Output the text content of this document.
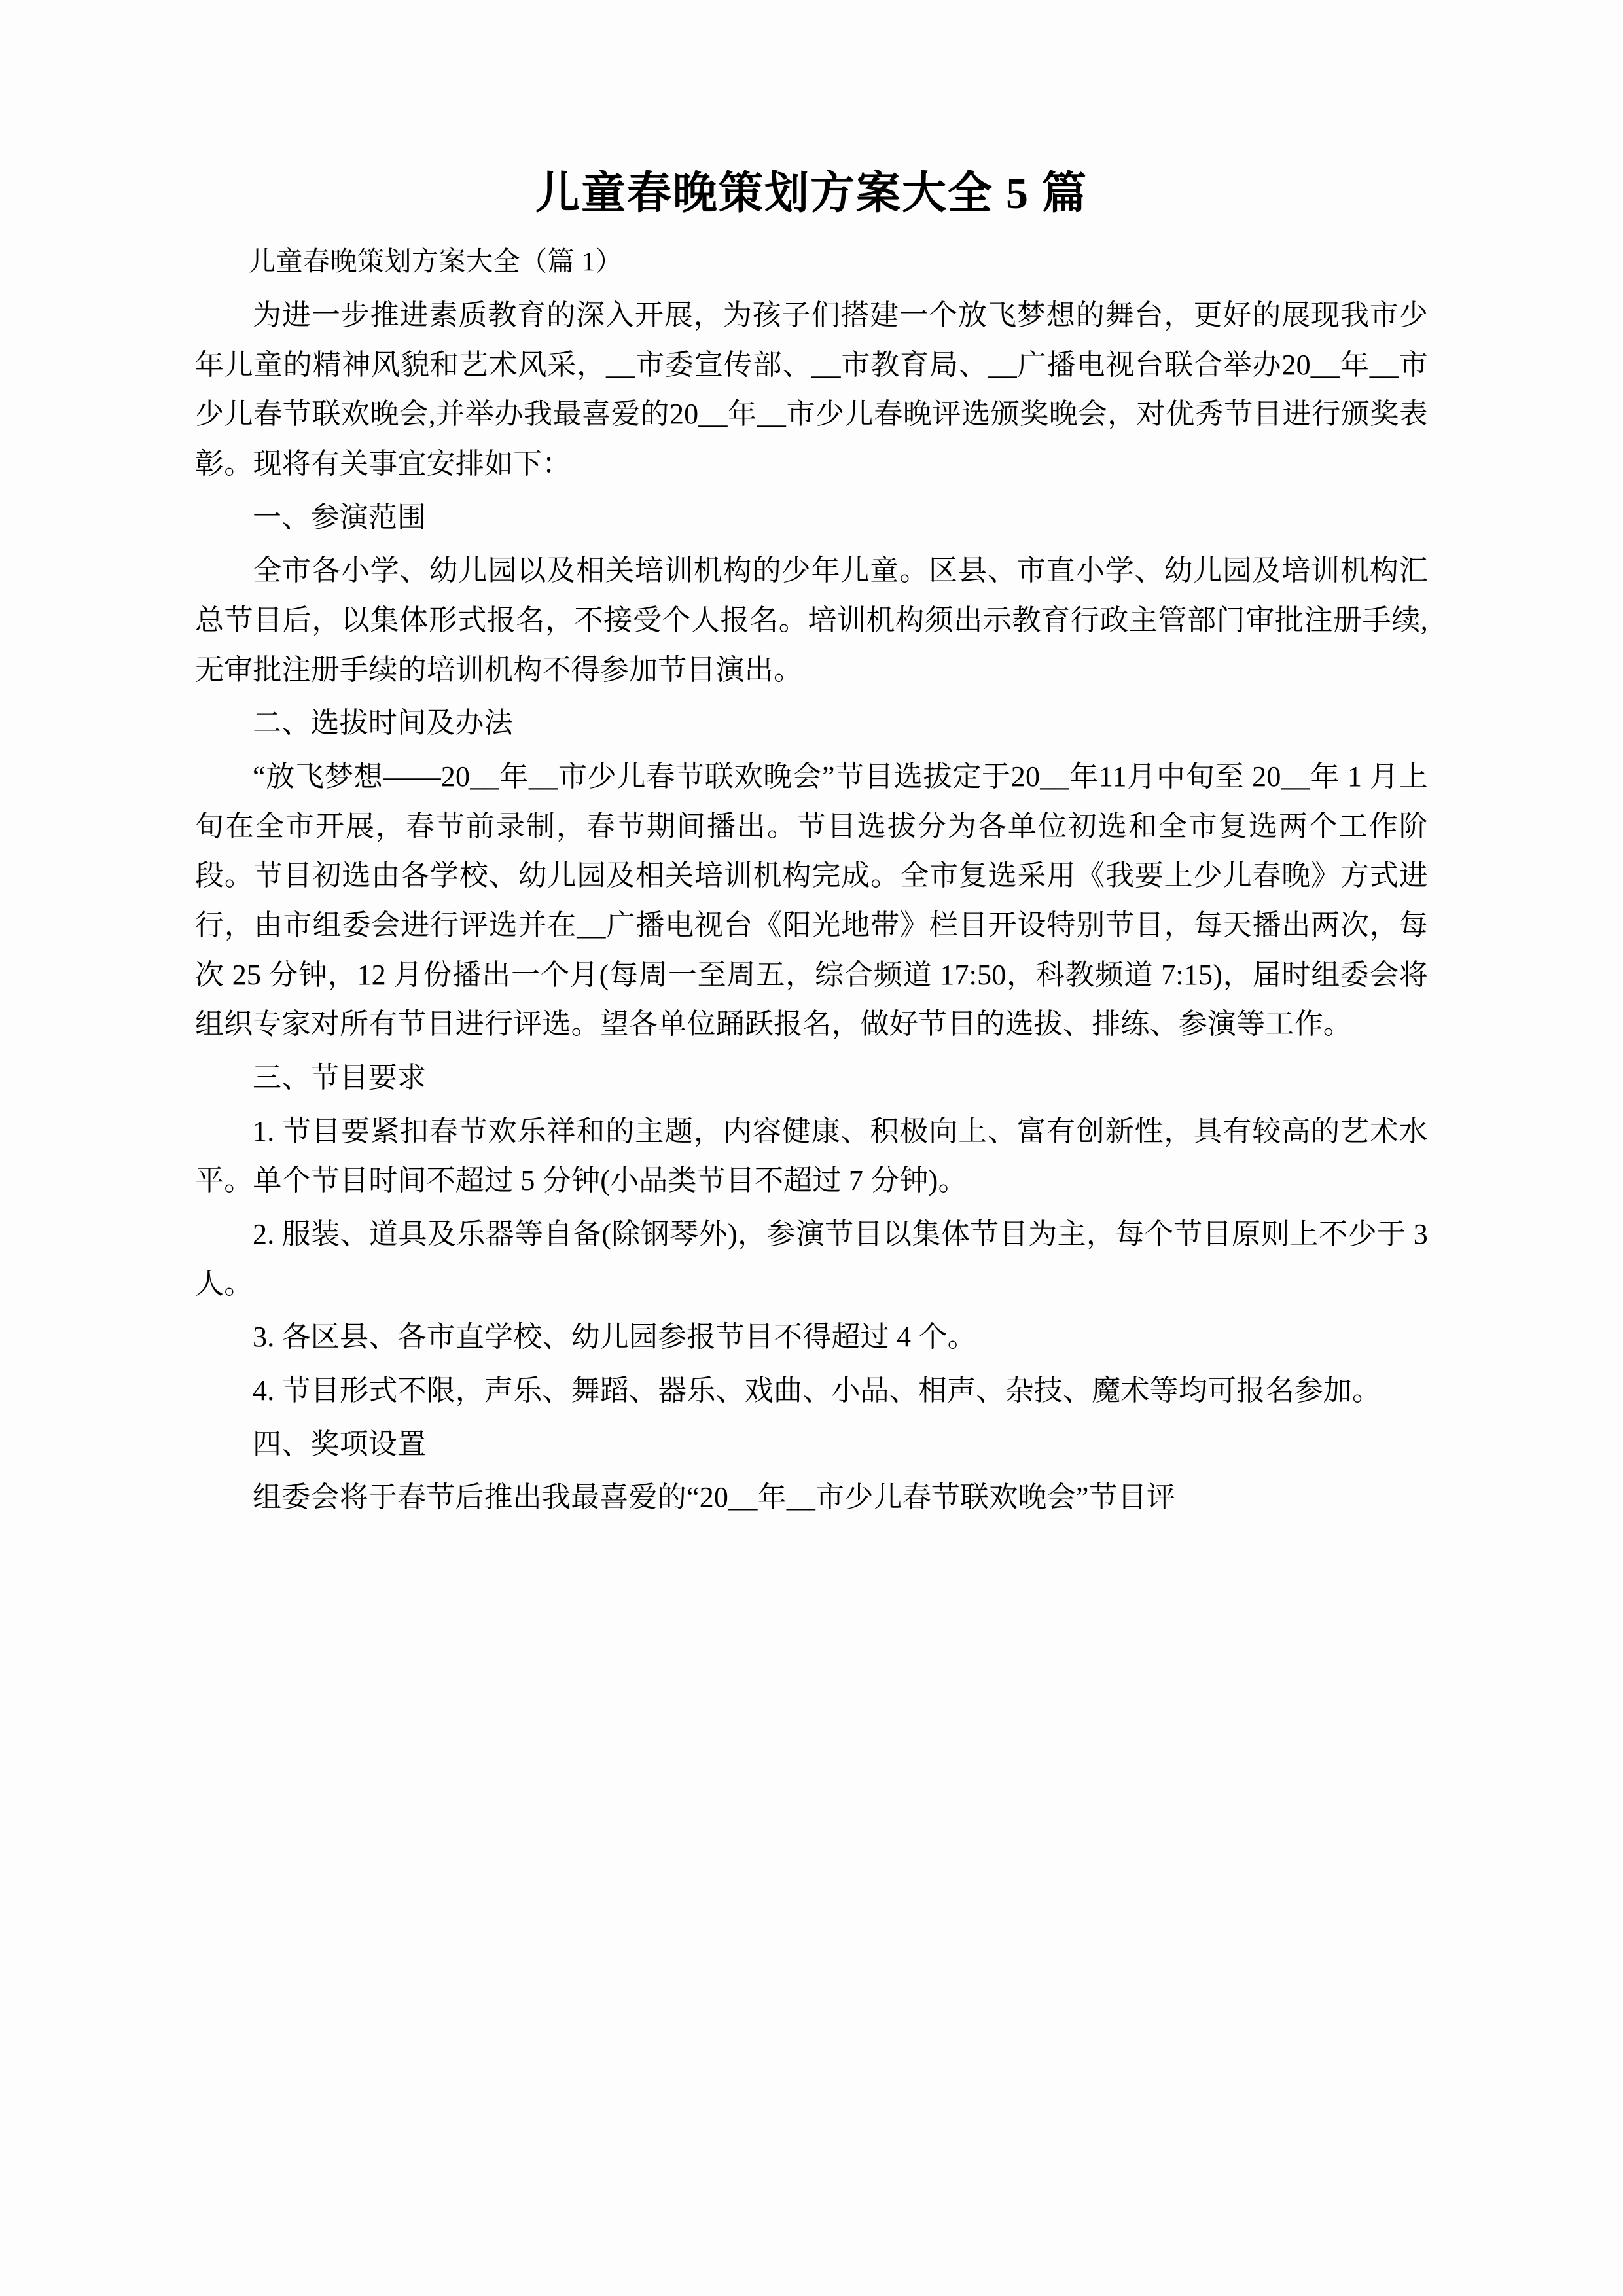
儿童春晚策划方案大全 5 篇

儿童春晚策划方案大全（篇 1）

为进一步推进素质教育的深入开展，为孩子们搭建一个放飞梦想的舞台，更好的展现我市少年儿童的精神风貌和艺术风采，__市委宣传部、__市教育局、__广播电视台联合举办20__年__市少儿春节联欢晚会,并举办我最喜爱的20__年__市少儿春晚评选颁奖晚会，对优秀节目进行颁奖表彰。现将有关事宜安排如下：

一、参演范围

全市各小学、幼儿园以及相关培训机构的少年儿童。区县、市直小学、幼儿园及培训机构汇总节目后，以集体形式报名，不接受个人报名。培训机构须出示教育行政主管部门审批注册手续,无审批注册手续的培训机构不得参加节目演出。

二、选拔时间及办法

“放飞梦想——20__年__市少儿春节联欢晚会”节目选拔定于20__年11月中旬至 20__年 1 月上旬在全市开展，春节前录制，春节期间播出。节目选拔分为各单位初选和全市复选两个工作阶段。节目初选由各学校、幼儿园及相关培训机构完成。全市复选采用《我要上少儿春晚》方式进行，由市组委会进行评选并在__广播电视台《阳光地带》栏目开设特别节目，每天播出两次，每次 25 分钟，12 月份播出一个月(每周一至周五，综合频道 17:50，科教频道 7:15)，届时组委会将组织专家对所有节目进行评选。望各单位踊跃报名，做好节目的选拔、排练、参演等工作。

三、节目要求

1. 节目要紧扣春节欢乐祥和的主题，内容健康、积极向上、富有创新性，具有较高的艺术水平。单个节目时间不超过 5 分钟(小品类节目不超过 7 分钟)。

2. 服装、道具及乐器等自备(除钢琴外)，参演节目以集体节目为主，每个节目原则上不少于 3 人。

3. 各区县、各市直学校、幼儿园参报节目不得超过 4 个。

4. 节目形式不限，声乐、舞蹈、器乐、戏曲、小品、相声、杂技、魔术等均可报名参加。

四、奖项设置

组委会将于春节后推出我最喜爱的“20__年__市少儿春节联欢晚会”节目评
